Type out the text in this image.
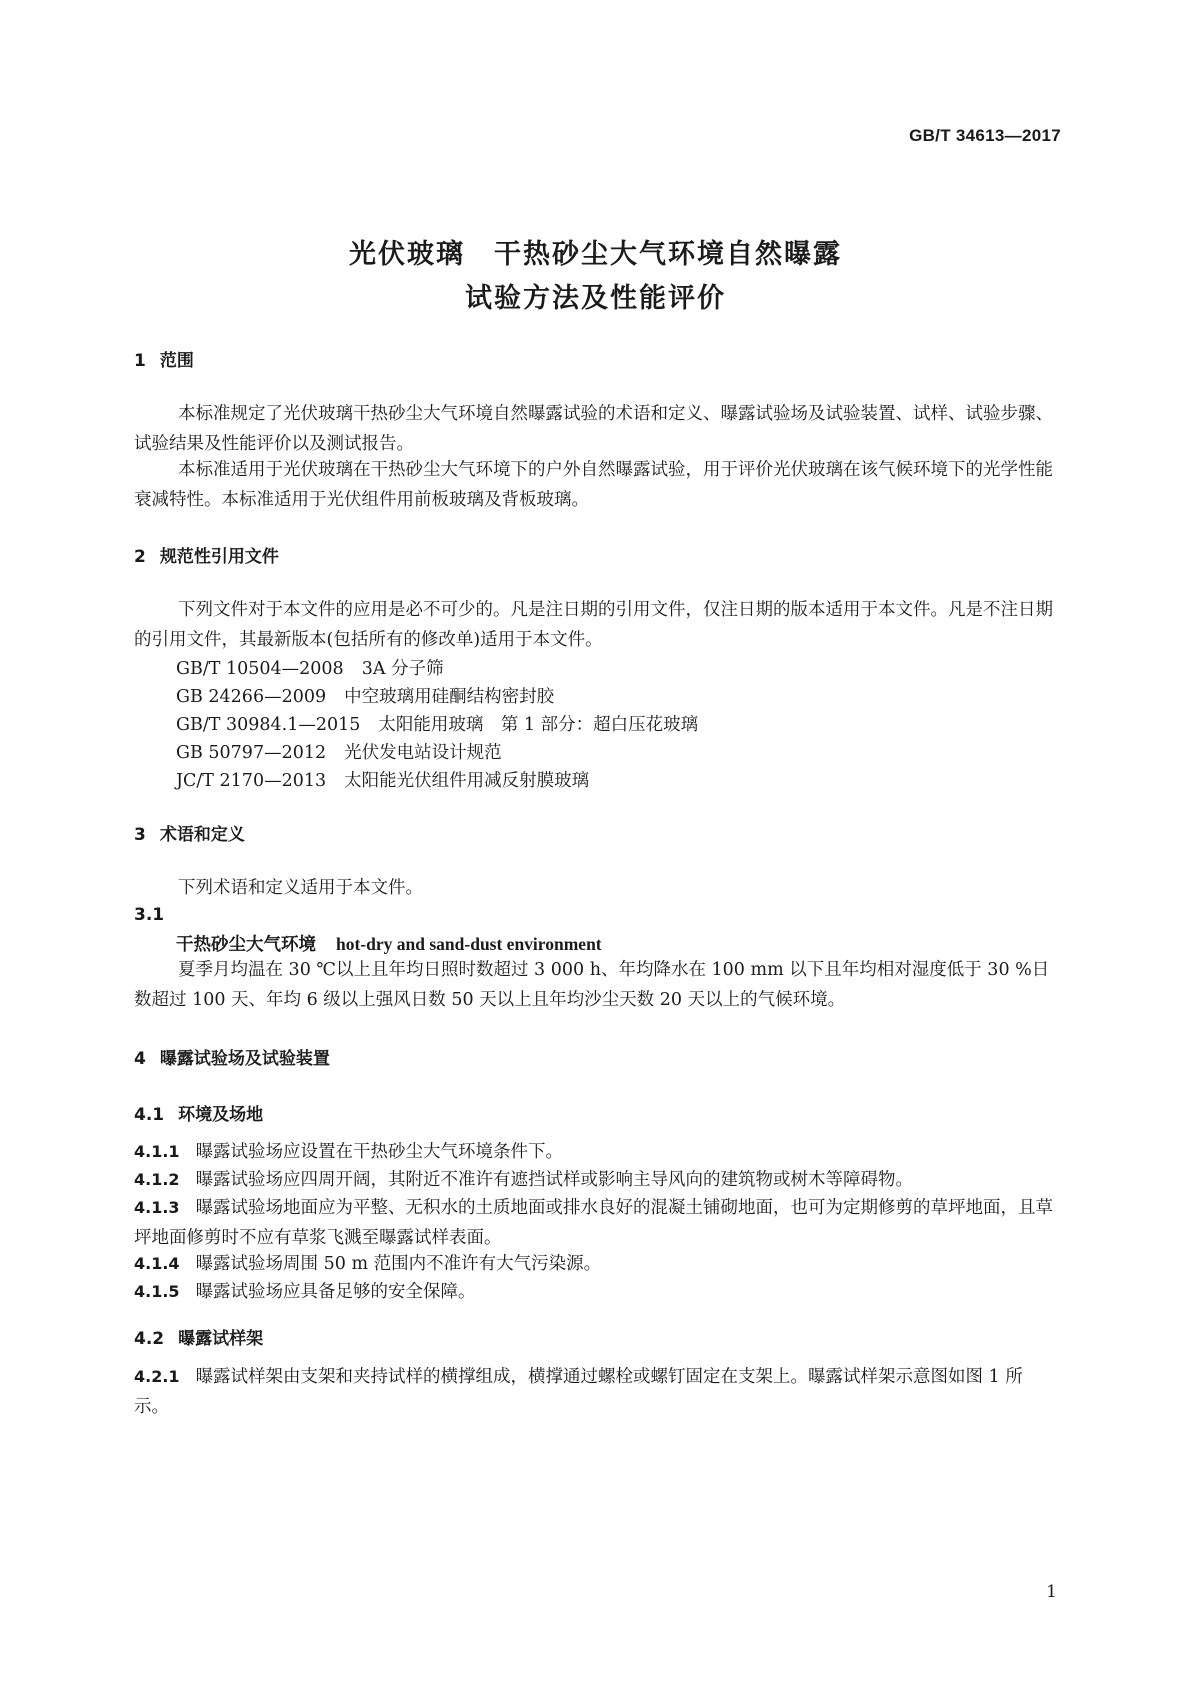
GB/T 34613—2017
光伏玻璃　干热砂尘大气环境自然曝露
试验方法及性能评价
1 范围
本标准规定了光伏玻璃干热砂尘大气环境自然曝露试验的术语和定义、曝露试验场及试验装置、试样、试验步骤、试验结果及性能评价以及测试报告。
本标准适用于光伏玻璃在干热砂尘大气环境下的户外自然曝露试验，用于评价光伏玻璃在该气候环境下的光学性能衰减特性。本标准适用于光伏组件用前板玻璃及背板玻璃。
2 规范性引用文件
下列文件对于本文件的应用是必不可少的。凡是注日期的引用文件，仅注日期的版本适用于本文件。凡是不注日期的引用文件，其最新版本(包括所有的修改单)适用于本文件。
GB/T 10504—2008 3A 分子筛
GB 24266—2009 中空玻璃用硅酮结构密封胶
GB/T 30984.1—2015 太阳能用玻璃　第 1 部分：超白压花玻璃
GB 50797—2012 光伏发电站设计规范
JC/T 2170—2013 太阳能光伏组件用减反射膜玻璃
3 术语和定义
下列术语和定义适用于本文件。
3.1
干热砂尘大气环境 hot-dry and sand-dust environment
夏季月均温在 30 ℃以上且年均日照时数超过 3 000 h、年均降水在 100 mm 以下且年均相对湿度低于 30 %日数超过 100 天、年均 6 级以上强风日数 50 天以上且年均沙尘天数 20 天以上的气候环境。
4 曝露试验场及试验装置
4.1 环境及场地
4.1.1 曝露试验场应设置在干热砂尘大气环境条件下。
4.1.2 曝露试验场应四周开阔，其附近不准许有遮挡试样或影响主导风向的建筑物或树木等障碍物。
4.1.3 曝露试验场地面应为平整、无积水的土质地面或排水良好的混凝土铺砌地面，也可为定期修剪的草坪地面，且草坪地面修剪时不应有草浆飞溅至曝露试样表面。
4.1.4 曝露试验场周围 50 m 范围内不准许有大气污染源。
4.1.5 曝露试验场应具备足够的安全保障。
4.2 曝露试样架
4.2.1 曝露试样架由支架和夹持试样的横撑组成，横撑通过螺栓或螺钉固定在支架上。曝露试样架示意图如图 1 所示。
1
